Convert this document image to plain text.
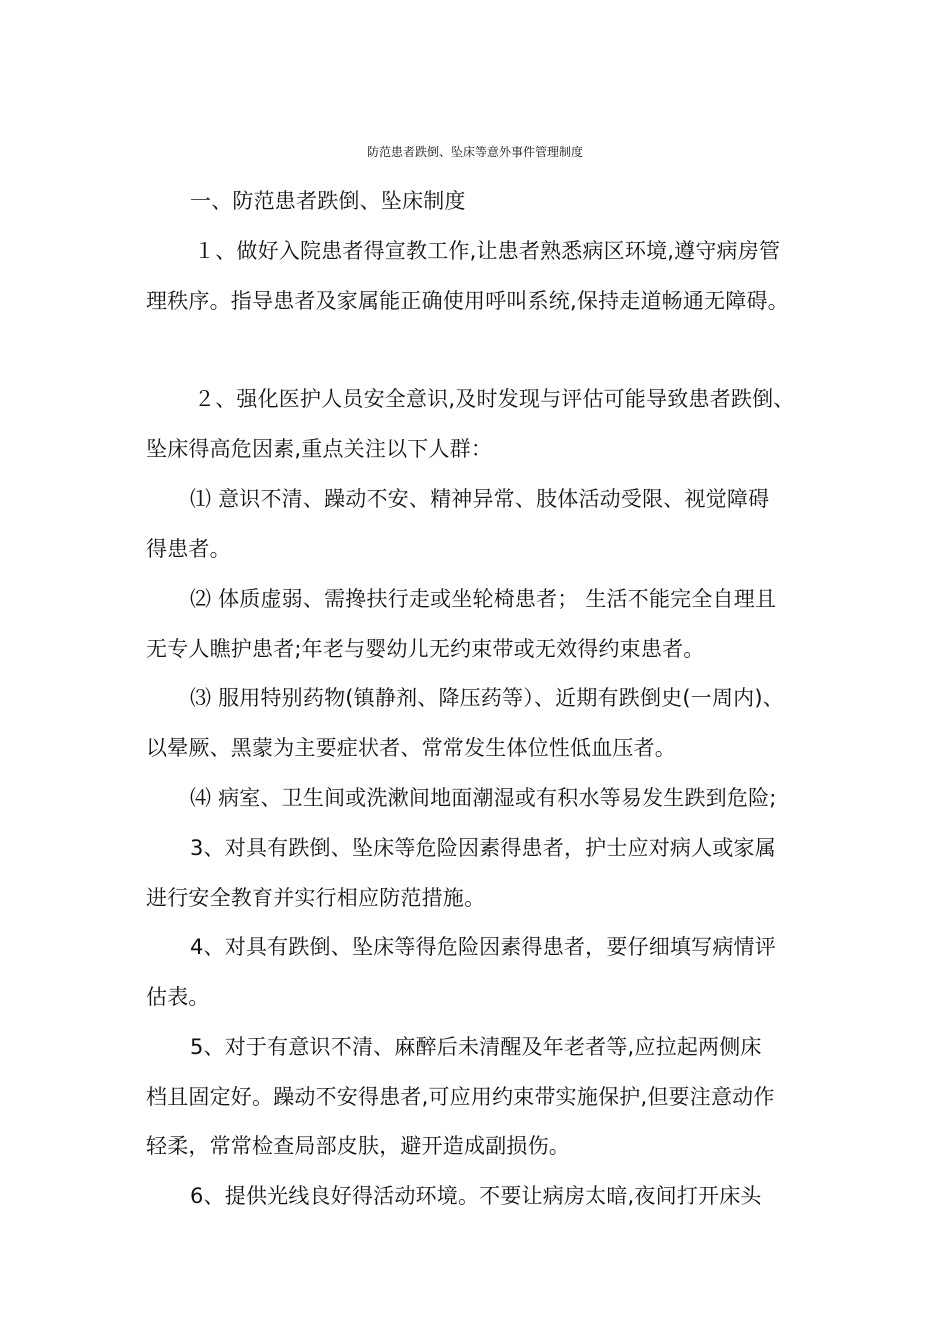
防范患者跌倒、坠床等意外事件管理制度
一、防范患者跌倒、坠床制度
１、做好入院患者得宣教工作,让患者熟悉病区环境,遵守病房管
理秩序。指导患者及家属能正确使用呼叫系统,保持走道畅通无障碍。
２、强化医护人员安全意识,及时发现与评估可能导致患者跌倒、
坠床得高危因素,重点关注以下人群：
⑴ 意识不清、躁动不安、精神异常、肢体活动受限、视觉障碍
得患者。
⑵ 体质虚弱、需搀扶行走或坐轮椅患者； 生活不能完全自理且
无专人瞧护患者;年老与婴幼儿无约束带或无效得约束患者。
⑶ 服用特别药物(镇静剂、降压药等）、近期有跌倒史(一周内)、
以晕厥、黑蒙为主要症状者、常常发生体位性低血压者。
⑷ 病室、卫生间或洗漱间地面潮湿或有积水等易发生跌到危险;
3、对具有跌倒、坠床等危险因素得患者，护士应对病人或家属
进行安全教育并实行相应防范措施。
4、对具有跌倒、坠床等得危险因素得患者，要仔细填写病情评
估表。
5、对于有意识不清、麻醉后未清醒及年老者等,应拉起两侧床
档且固定好。躁动不安得患者,可应用约束带实施保护,但要注意动作
轻柔，常常检查局部皮肤，避开造成副损伤。
6、提供光线良好得活动环境。不要让病房太暗,夜间打开床头
